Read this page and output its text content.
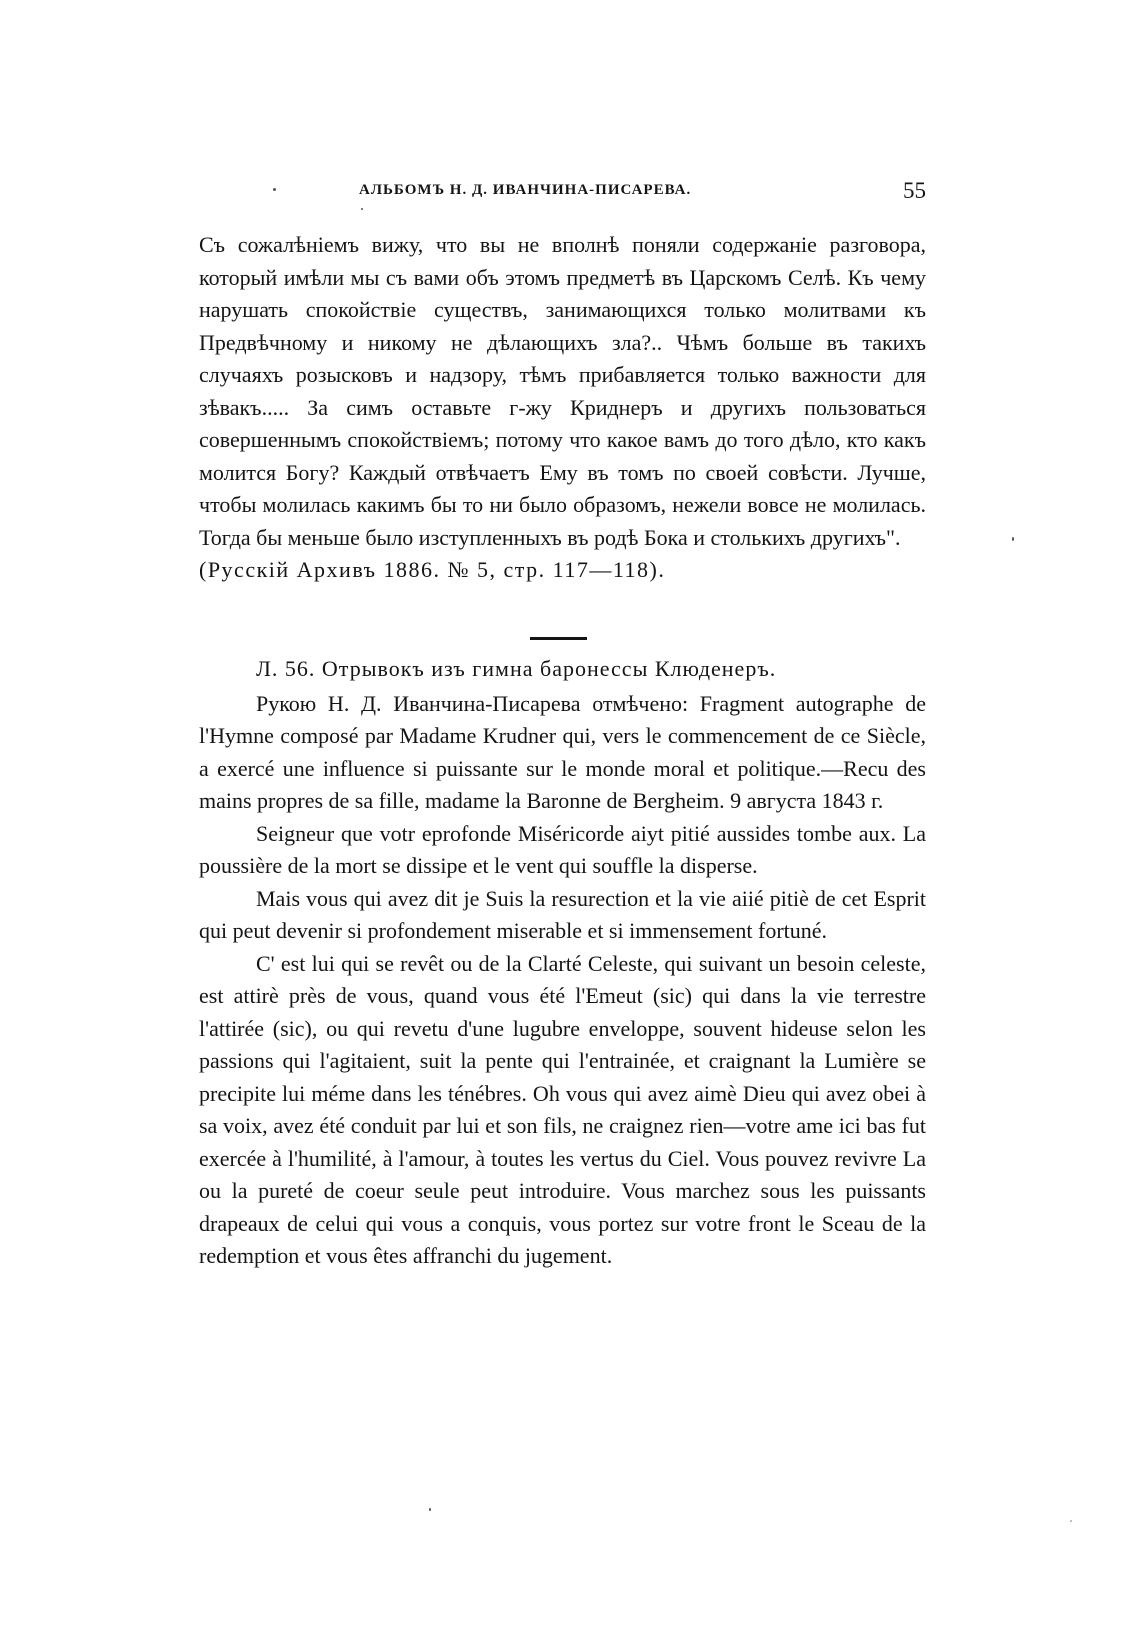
АЛЬБОМЪ Н. Д. ИВАНЧИНА-ПИСАРЕВА.	55

Съ сожалѣніемъ вижу, что вы не вполнѣ поняли содержаніе разговора, который имѣли мы съ вами объ этомъ предметѣ въ Царскомъ Селѣ. Къ чему нарушать спокойствіе существъ, занимающихся только молитвами къ Предвѣчному и никому не дѣлающихъ зла?.. Чѣмъ больше въ такихъ случаяхъ розысковъ и надзору, тѣмъ прибавляется только важности для зѣвакъ..... За симъ оставьте г-жу Криднеръ и другихъ пользоваться совершеннымъ спокойствіемъ; потому что какое вамъ до того дѣло, кто какъ молится Богу? Каждый отвѣчаетъ Ему въ томъ по своей совѣсти. Лучше, чтобы молилась какимъ бы то ни было образомъ, нежели вовсе не молилась. Тогда бы меньше было изступленныхъ въ родѣ Бока и столькихъ другихъ".
(Русскій Архивъ 1886. № 5, стр. 117—118).

Л. 56. Отрывокъ изъ гимна баронессы Клюденеръ.

Рукою Н. Д. Иванчина-Писарева отмѣчено: Fragment autographe de l'Hymne composé par Madame Krudner qui, vers le commencement de ce Siècle, a exercé une influence si puissante sur le monde moral et politique.—Recu des mains propres de sa fille, madame la Baronne de Bergheim. 9 августа 1843 г.

Seigneur que votr eprofonde Miséricorde aiyt pitié aussides tombe aux. La poussière de la mort se dissipe et le vent qui souffle la disperse.

Mais vous qui avez dit je Suis la resurection et la vie aiié pitiè de cet Esprit qui peut devenir si profondement miserable et si immensement fortuné.

C' est lui qui se revêt ou de la Clarté Celeste, qui suivant un besoin celeste, est attirè près de vous, quand vous été l'Emeut (sic) qui dans la vie terrestre l'attirée (sic), ou qui revetu d'une lugubre enveloppe, souvent hideuse selon les passions qui l'agitaient, suit la pente qui l'entrainée, et craignant la Lumière se precipite lui méme dans les ténébres. Oh vous qui avez aimè Dieu qui avez obei à sa voix, avez été conduit par lui et son fils, ne craignez rien—votre ame ici bas fut exercée à l'humilité, à l'amour, à toutes les vertus du Ciel. Vous pouvez revivre La ou la pureté de coeur seule peut introduire. Vous marchez sous les puissants drapeaux de celui qui vous a conquis, vous portez sur votre front le Sceau de la redemption et vous êtes affranchi du jugement.
